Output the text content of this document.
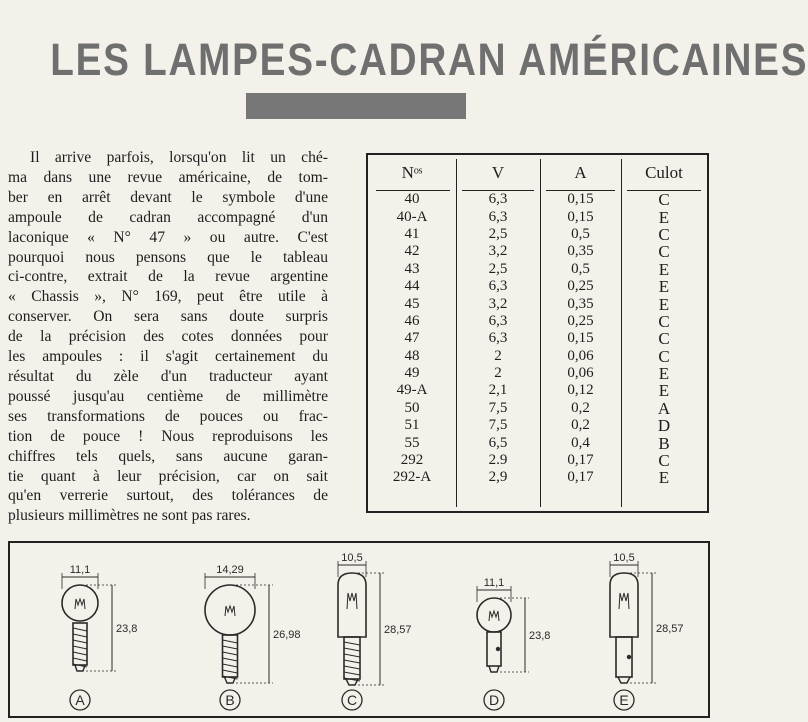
LES LAMPES-CADRAN AMÉRICAINES
Il arrive parfois, lorsqu'on lit un ché-
ma dans une revue américaine, de tom-
ber en arrêt devant le symbole d'une
ampoule de cadran accompagné d'un
laconique « N° 47 » ou autre. C'est
pourquoi nous pensons que le tableau
ci-contre, extrait de la revue argentine
« Chassis », N° 169, peut être utile à
conserver. On sera sans doute surpris
de la précision des cotes données pour
les ampoules : il s'agit certainement du
résultat du zèle d'un traducteur ayant
poussé jusqu'au centième de millimètre
ses transformations de pouces ou frac-
tion de pouce ! Nous reproduisons les
chiffres tels quels, sans aucune garan-
tie quant à leur précision, car on sait
qu'en verrerie surtout, des tolérances de
plusieurs millimètres ne sont pas rares.
Nᵒˢ	V	A	Culot
40	6,3	0,15	C
40-A	6,3	0,15	E
41	2,5	0,5	C
42	3,2	0,35	C
43	2,5	0,5	E
44	6,3	0,25	E
45	3,2	0,35	E
46	6,3	0,25	C
47	6,3	0,15	C
48	2	0,06	C
49	2	0,06	E
49-A	2,1	0,12	E
50	7,5	0,2	A
51	7,5	0,2	D
55	6,5	0,4	B
292	2.9	0,17	C
292-A	2,9	0,17	E
11,1
23,8
A
14,29
26,98
B
10,5
28,57
C
11,1
23,8
D
10,5
28,57
E
